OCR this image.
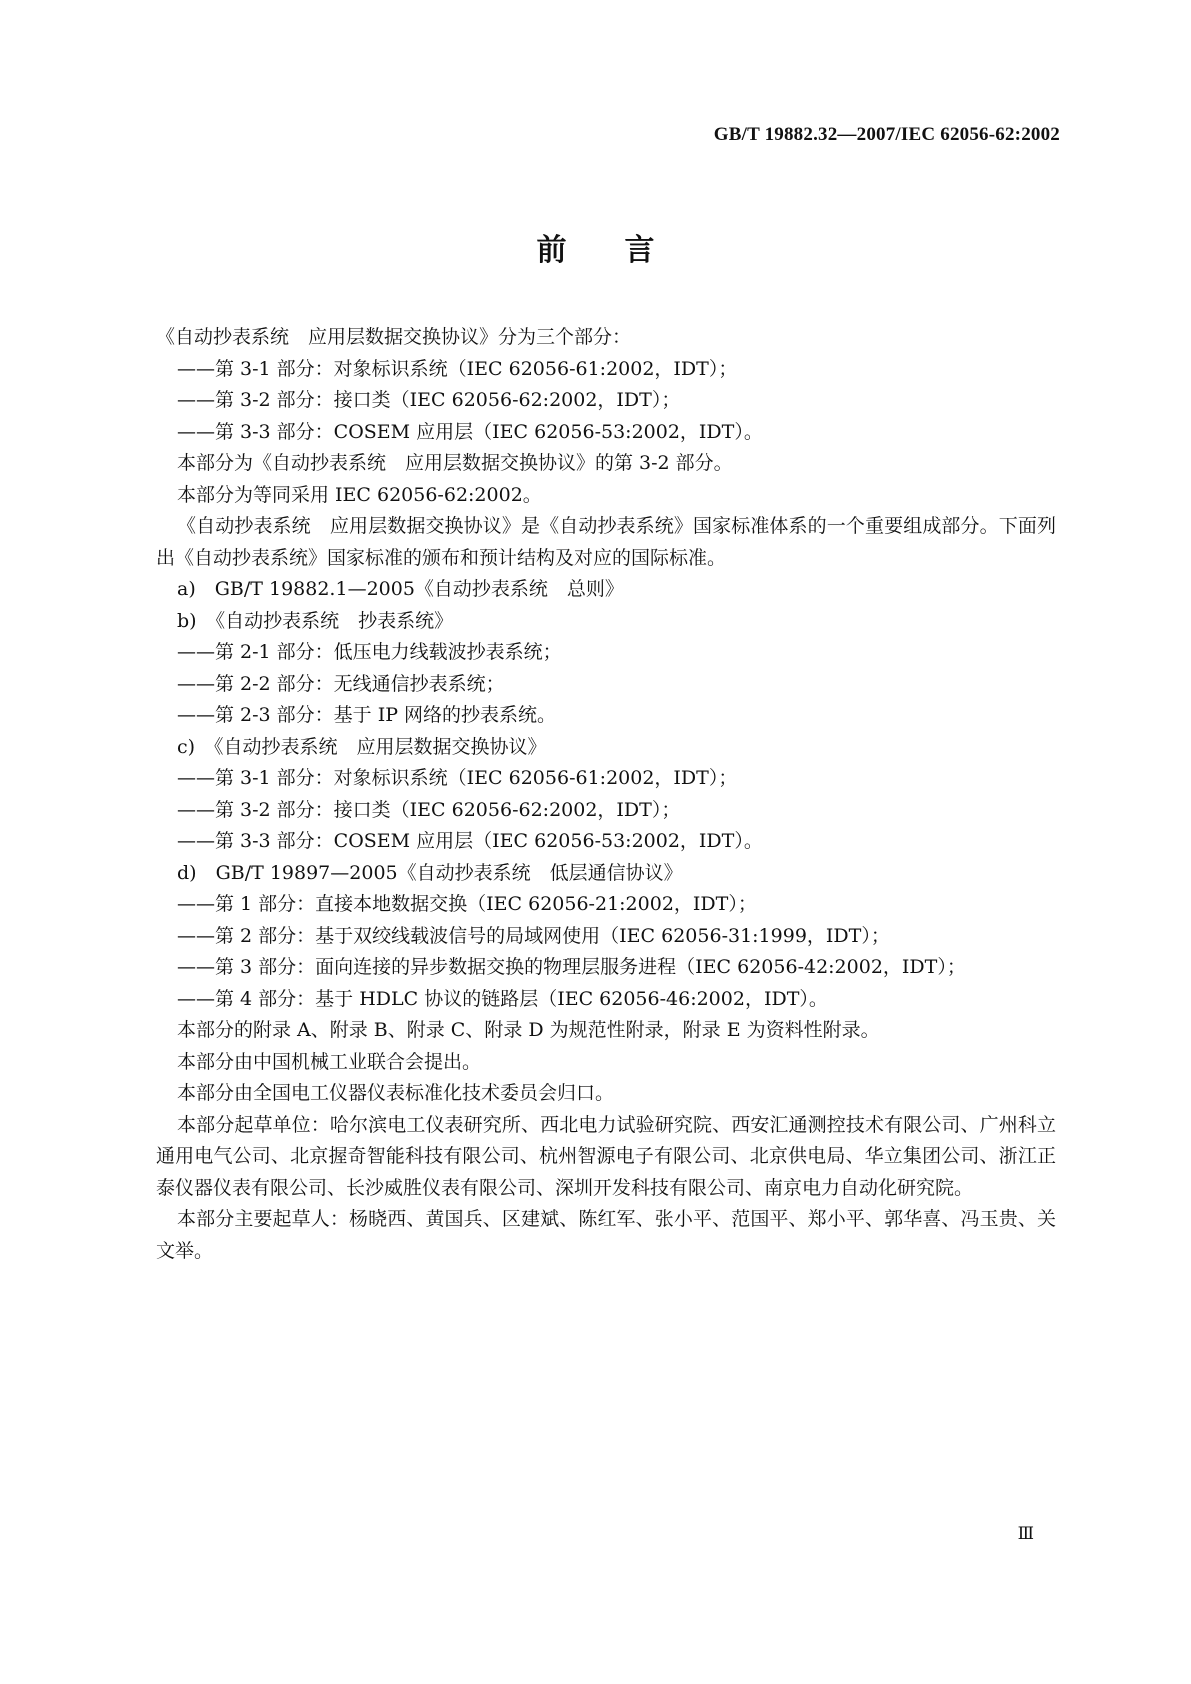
GB/T 19882.32—2007/IEC 62056-62:2002
前言
《自动抄表系统　应用层数据交换协议》分为三个部分：
——第 3-1 部分：对象标识系统（IEC 62056-61:2002，IDT）；
——第 3-2 部分：接口类（IEC 62056-62:2002，IDT）；
——第 3-3 部分：COSEM 应用层（IEC 62056-53:2002，IDT）。
本部分为《自动抄表系统　应用层数据交换协议》的第 3-2 部分。
本部分为等同采用 IEC 62056-62:2002。
《自动抄表系统　应用层数据交换协议》是《自动抄表系统》国家标准体系的一个重要组成部分。下面列出《自动抄表系统》国家标准的颁布和预计结构及对应的国际标准。
a)　GB/T 19882.1—2005《自动抄表系统　总则》
b)　《自动抄表系统　抄表系统》
——第 2-1 部分：低压电力线载波抄表系统；
——第 2-2 部分：无线通信抄表系统；
——第 2-3 部分：基于 IP 网络的抄表系统。
c)　《自动抄表系统　应用层数据交换协议》
——第 3-1 部分：对象标识系统（IEC 62056-61:2002，IDT）；
——第 3-2 部分：接口类（IEC 62056-62:2002，IDT）；
——第 3-3 部分：COSEM 应用层（IEC 62056-53:2002，IDT）。
d)　GB/T 19897—2005《自动抄表系统　低层通信协议》
——第 1 部分：直接本地数据交换（IEC 62056-21:2002，IDT）；
——第 2 部分：基于双绞线载波信号的局域网使用（IEC 62056-31:1999，IDT）；
——第 3 部分：面向连接的异步数据交换的物理层服务进程（IEC 62056-42:2002，IDT）；
——第 4 部分：基于 HDLC 协议的链路层（IEC 62056-46:2002，IDT）。
本部分的附录 A、附录 B、附录 C、附录 D 为规范性附录，附录 E 为资料性附录。
本部分由中国机械工业联合会提出。
本部分由全国电工仪器仪表标准化技术委员会归口。
本部分起草单位：哈尔滨电工仪表研究所、西北电力试验研究院、西安汇通测控技术有限公司、广州科立通用电气公司、北京握奇智能科技有限公司、杭州智源电子有限公司、北京供电局、华立集团公司、浙江正泰仪器仪表有限公司、长沙威胜仪表有限公司、深圳开发科技有限公司、南京电力自动化研究院。
本部分主要起草人：杨晓西、黄国兵、区建斌、陈红军、张小平、范国平、郑小平、郭华喜、冯玉贵、关文举。
Ⅲ
